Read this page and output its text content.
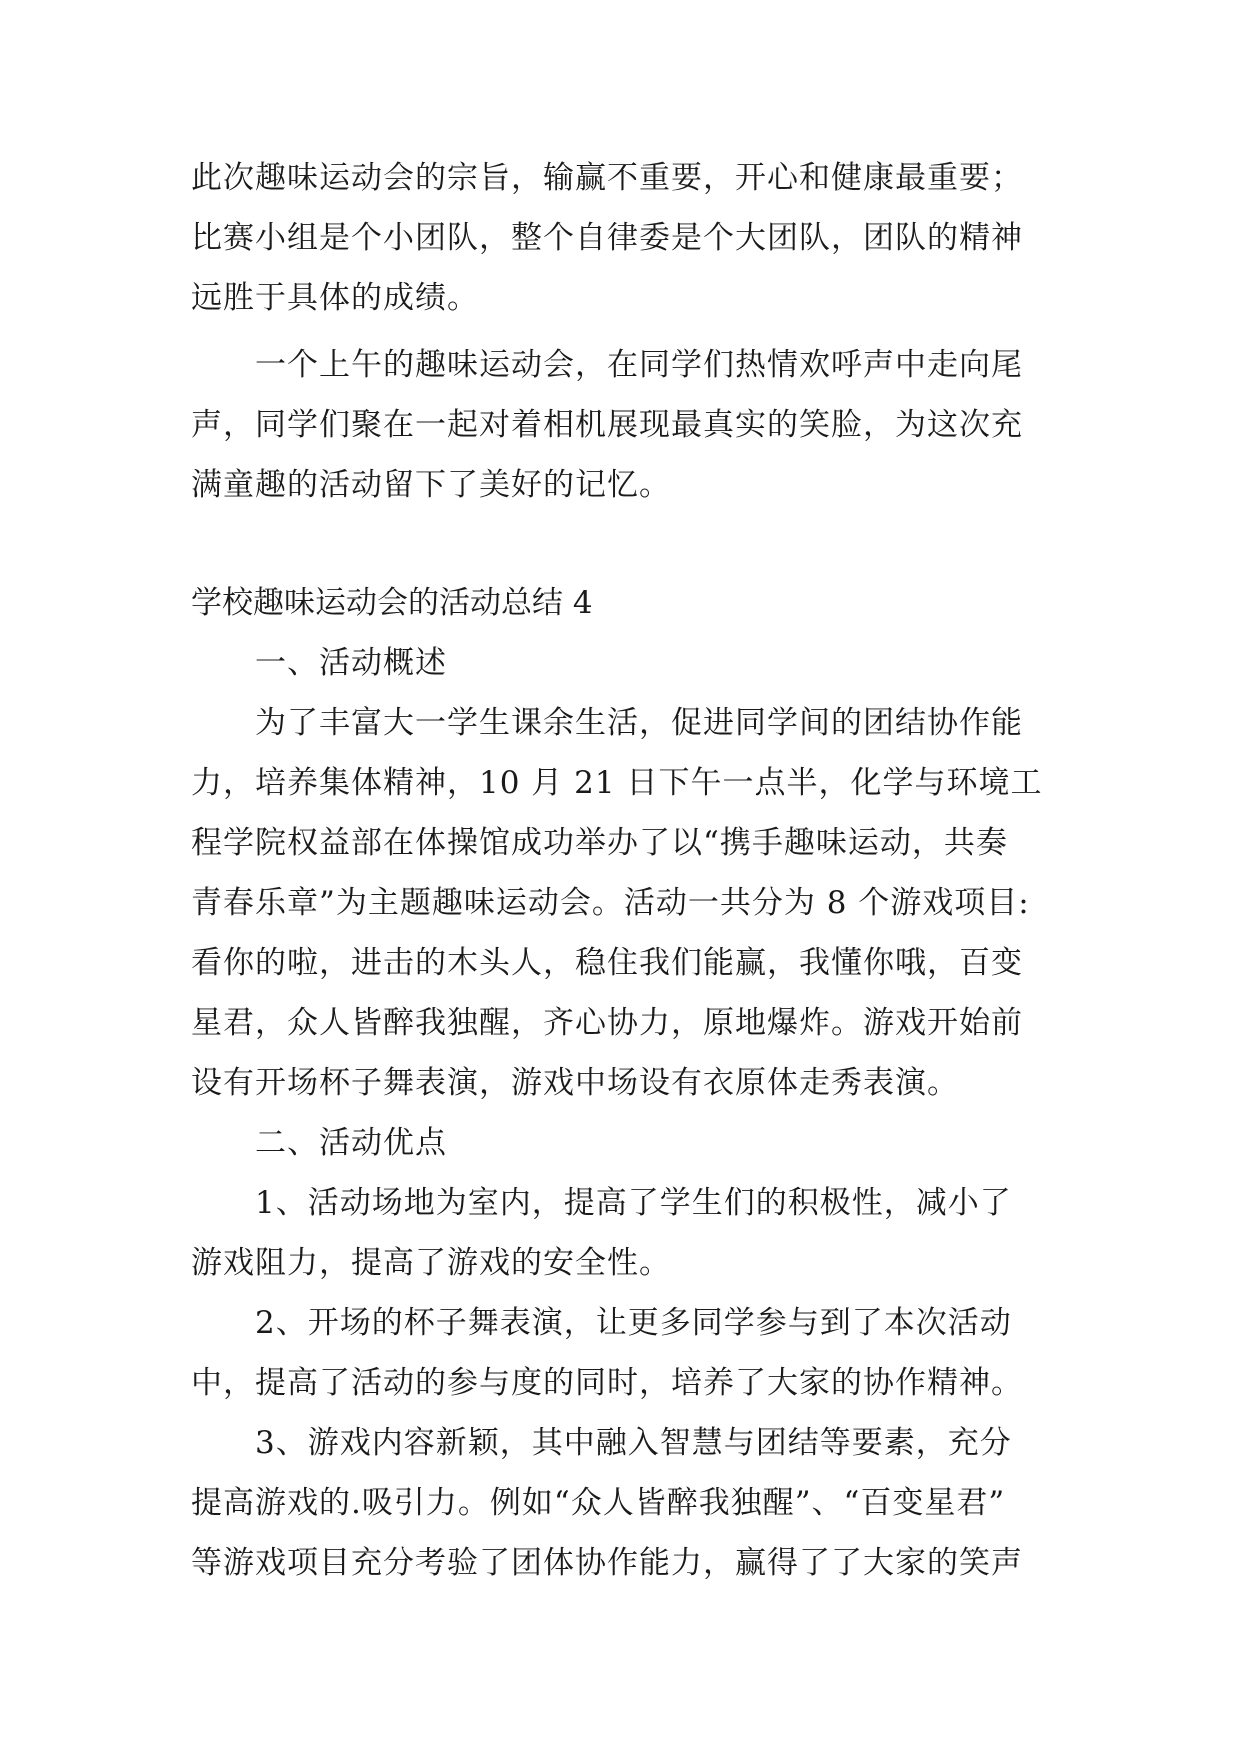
此次趣味运动会的宗旨，输赢不重要，开心和健康最重要；
比赛小组是个小团队，整个自律委是个大团队，团队的精神
远胜于具体的成绩。
一个上午的趣味运动会，在同学们热情欢呼声中走向尾
声，同学们聚在一起对着相机展现最真实的笑脸，为这次充
满童趣的活动留下了美好的记忆。
学校趣味运动会的活动总结 4
一、活动概述
为了丰富大一学生课余生活，促进同学间的团结协作能
力，培养集体精神，10 月 21 日下午一点半，化学与环境工
程学院权益部在体操馆成功举办了以“携手趣味运动，共奏
青春乐章”为主题趣味运动会。活动一共分为 8 个游戏项目:
看你的啦，进击的木头人，稳住我们能赢，我懂你哦，百变
星君，众人皆醉我独醒，齐心协力，原地爆炸。游戏开始前
设有开场杯子舞表演，游戏中场设有衣原体走秀表演。
二、活动优点
1、活动场地为室内，提高了学生们的积极性，减小了
游戏阻力，提高了游戏的安全性。
2、开场的杯子舞表演，让更多同学参与到了本次活动
中，提高了活动的参与度的同时，培养了大家的协作精神。
3、游戏内容新颖，其中融入智慧与团结等要素，充分
提高游戏的.吸引力。例如“众人皆醉我独醒”、“百变星君”
等游戏项目充分考验了团体协作能力，赢得了了大家的笑声
